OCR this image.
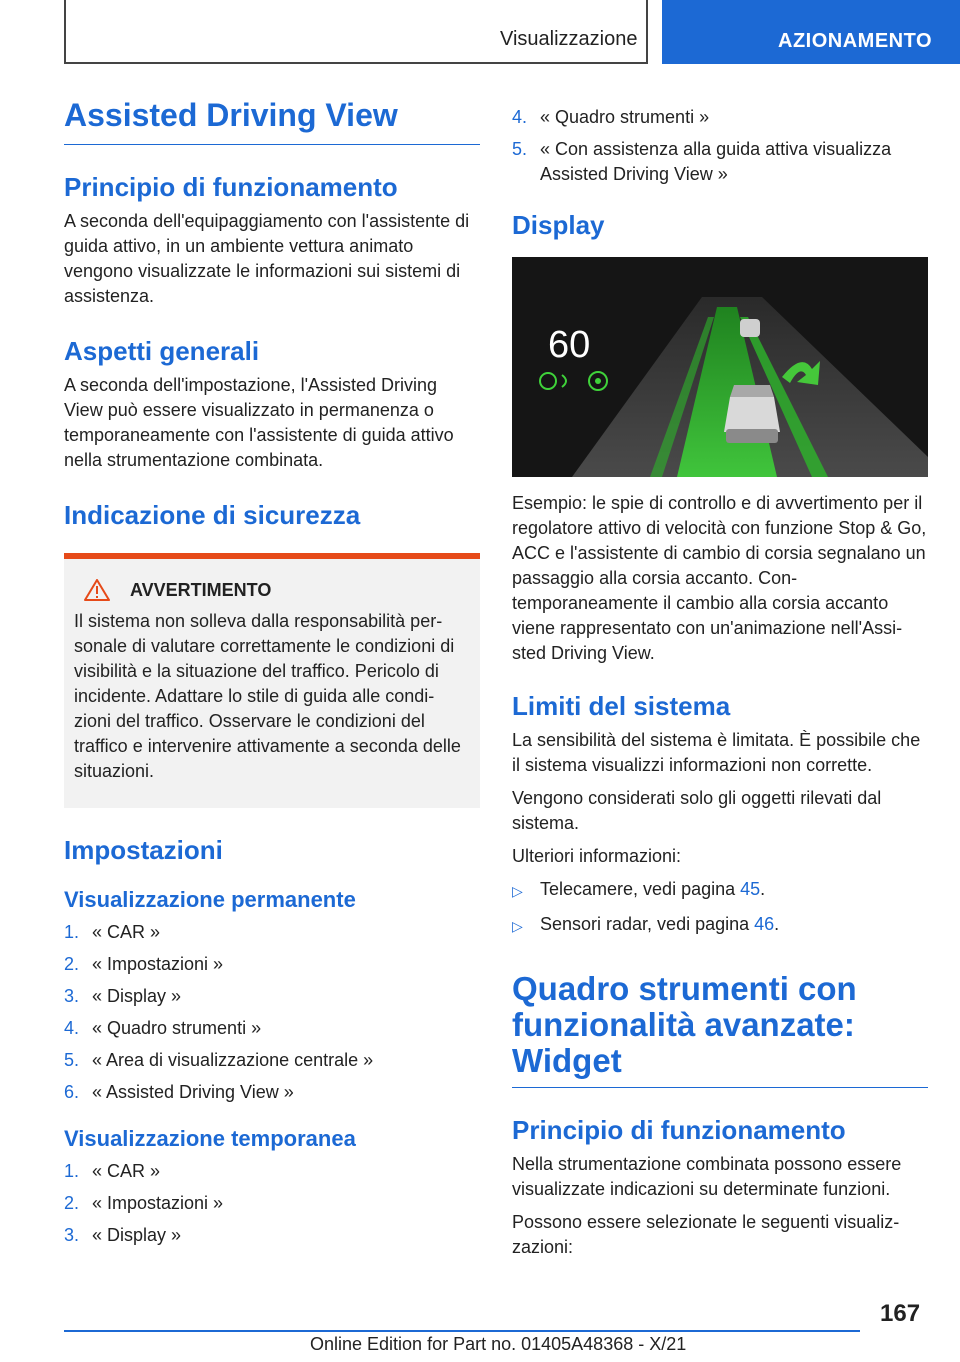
Visualizzazione	AZIONAMENTO
Assisted Driving View
Principio di funzionamento

A seconda dell'equipaggiamento con l'assistente di guida attivo, in un ambiente vettura animato vengono visualizzate le informazioni sui sistemi di assistenza.

Aspetti generali

A seconda dell'impostazione, l'Assisted Driving View può essere visualizzato in permanenza o temporaneamente con l'assistente di guida attivo nella strumentazione combinata.

Indicazione di sicurezza
AVVERTIMENTO

Il sistema non solleva dalla responsabilità per-sonale di valutare correttamente le condizioni di visibilità e la situazione del traffico. Pericolo di incidente. Adattare lo stile di guida alle condi-zioni del traffico. Osservare le condizioni del traffico e intervenire attivamente a seconda delle situazioni.

Impostazioni
Visualizzazione permanente
1. « CAR »
2. « Impostazioni »
3. « Display »
4. « Quadro strumenti »
5. « Area di visualizzazione centrale »
6. « Assisted Driving View »
Visualizzazione temporanea
1. « CAR »
2. « Impostazioni »
3. « Display »
4. « Quadro strumenti »
5. « Con assistenza alla guida attiva visualizza Assisted Driving View »
Display
60

Esempio: le spie di controllo e di avvertimento per il regolatore attivo di velocità con funzione Stop & Go, ACC e l'assistente di cambio di corsia segnalano un passaggio alla corsia accanto. Con-temporaneamente il cambio alla corsia accanto viene rappresentato con un'animazione nell'Assi-sted Driving View.

Limiti del sistema

La sensibilità del sistema è limitata. È possibile che il sistema visualizzi informazioni non corrette.

Vengono considerati solo gli oggetti rilevati dal sistema.

Ulteriori informazioni:

▷ Telecamere, vedi pagina 45.
▷ Sensori radar, vedi pagina 46.
Quadro strumenti con funzionalità avanzate: Widget
Principio di funzionamento

Nella strumentazione combinata possono essere visualizzate indicazioni su determinate funzioni.

Possono essere selezionate le seguenti visualiz-zazioni:

167
Online Edition for Part no. 01405A48368 - X/21
